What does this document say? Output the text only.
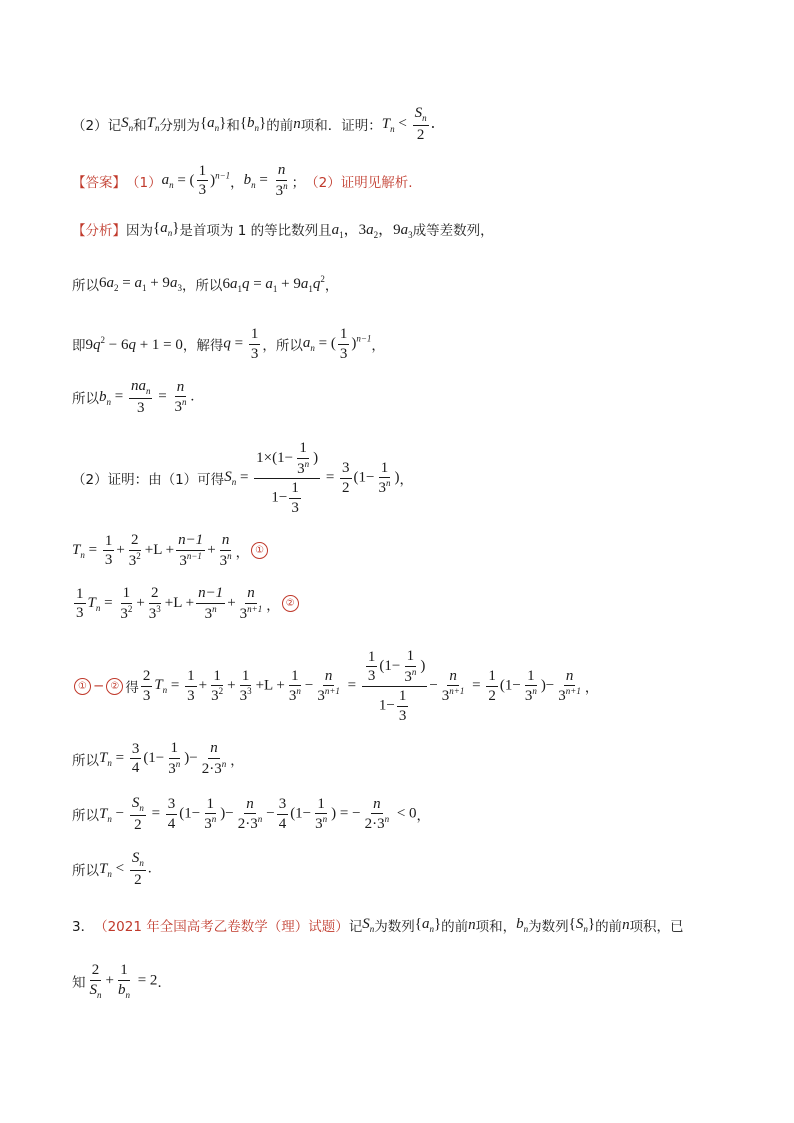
（2）记 $S_n$ 和 $T_n$ 分别为 $\{a_n\}$ 和 $\{b_n\}$ 的前 n 项和．证明： $T_n < \frac{S_n}{2}$ ．
【答案】 （1） $a_n$ = ( $\frac{1}{3} )^{n-1}$ ， $b_n = \frac{n}{3^n}$ ； （2）证明见解析.
【分析】 因为 $\{a_n\}$ 是首项为 1 的等比数列且 $a_1$，$3a_2$，$9a_3$ 成等差数列，
所以 $6a_2 = a_1 + 9a_3$ ，所以 $6a_1q = a_1 + 9a_1q^2$ ，
即 $9q^2 - 6q + 1 = 0$ ，解得 $q = \frac{1}{3}$ ，所以 $a_n$ = ( $\frac{1}{3} )^{n-1}$ ，
所以 $b_n = \frac{na_n}{3} = \frac{n}{3^n}$ .
（2）证明：由（1）可得 $S_n = \frac{1\times(1- \frac{1}{3^n} )}{1- \frac{1}{3}} = \frac{3}{2} (1- \frac{1}{3^n}$ ) ，
$T_n = \frac{1}{3} + \frac{2}{3^2} +L + \frac{n-1}{3^{n-1}} + \frac{n}{3^n}$ ， ①
$\frac{1}{3} T_n = \frac{1}{3^2} + \frac{2}{3^3} +L + \frac{n-1}{3^n} + \frac{n}{3^{n+1}}$ ， ②
① − ② 得 $\frac{2}{3} T_n = \frac{1}{3} + \frac{1}{3^2} + \frac{1}{3^3} +L + \frac{1}{3^n} - \frac{n}{3^{n+1}} = \frac{\frac{1}{3} (1- \frac{1}{3^n} )}{1- \frac{1}{3}} - \frac{n}{3^{n+1}} = \frac{1}{2} (1- \frac{1}{3^n}$ )− $\frac{n}{3^{n+1}}$ ，
所以 $T_n = \frac{3}{4} (1- \frac{1}{3^n}$ )− $\frac{n}{2\cdot 3^n}$ ，
所以 $T_n - \frac{S_n}{2} = \frac{3}{4} (1- \frac{1}{3^n}$ )− $\frac{n}{2\cdot 3^n} - \frac{3}{4} (1- \frac{1}{3^n}$ ) = − $\frac{n}{2\cdot 3^n} < 0$ ，
所以 $T_n < \frac{S_n}{2}$ .
3． （2021 年全国高考乙卷数学（理）试题） 记 $S_n$ 为数列 $\{a_n\}$ 的前 n 项和， $b_n$ 为数列 $\{S_n\}$ 的前 n 项积，已
知 $\frac{2}{S_n} + \frac{1}{b_n} = 2$ ．
